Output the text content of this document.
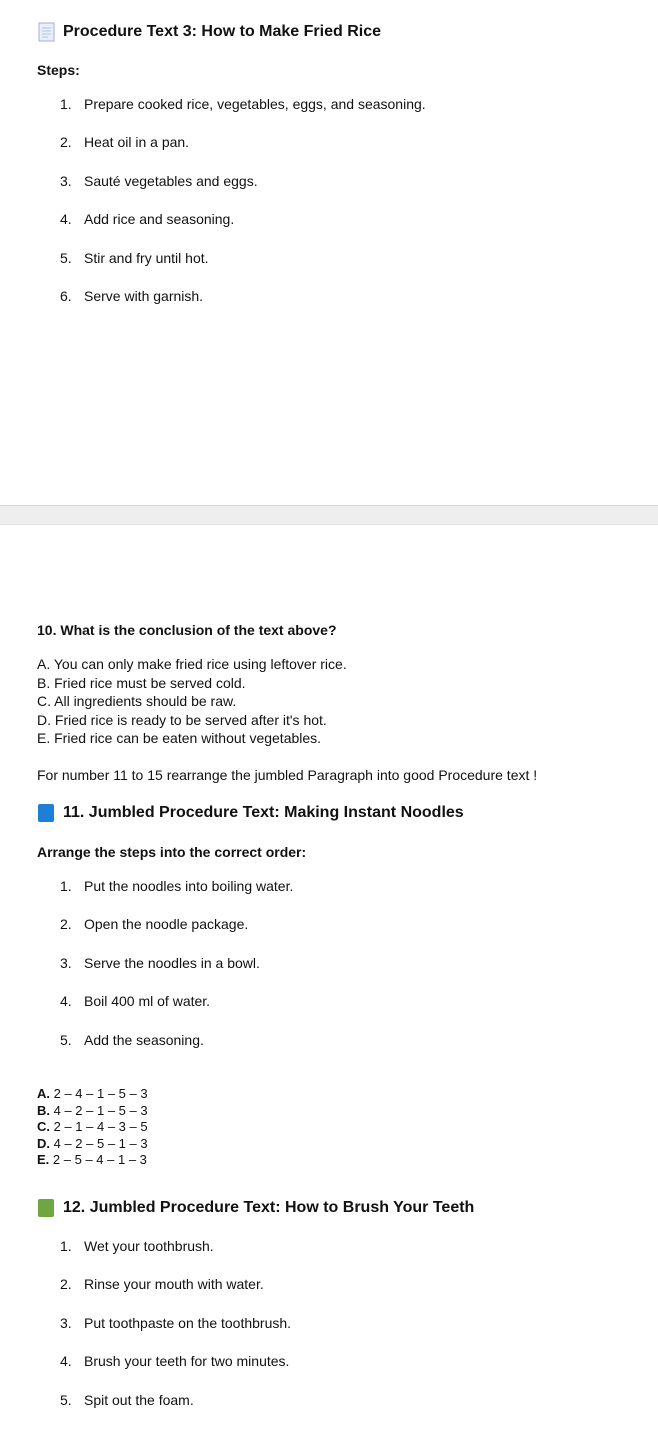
Procedure Text 3: How to Make Fried Rice
Steps:
1. Prepare cooked rice, vegetables, eggs, and seasoning.
2. Heat oil in a pan.
3. Sauté vegetables and eggs.
4. Add rice and seasoning.
5. Stir and fry until hot.
6. Serve with garnish.
10. What is the conclusion of the text above?
A. You can only make fried rice using leftover rice.
B. Fried rice must be served cold.
C. All ingredients should be raw.
D. Fried rice is ready to be served after it's hot.
E. Fried rice can be eaten without vegetables.
For number 11 to 15 rearrange the jumbled Paragraph into good Procedure text !
11. Jumbled Procedure Text: Making Instant Noodles
Arrange the steps into the correct order:
1. Put the noodles into boiling water.
2. Open the noodle package.
3. Serve the noodles in a bowl.
4. Boil 400 ml of water.
5. Add the seasoning.
A. 2 – 4 – 1 – 5 – 3
B. 4 – 2 – 1 – 5 – 3
C. 2 – 1 – 4 – 3 – 5
D. 4 – 2 – 5 – 1 – 3
E. 2 – 5 – 4 – 1 – 3
12. Jumbled Procedure Text: How to Brush Your Teeth
1. Wet your toothbrush.
2. Rinse your mouth with water.
3. Put toothpaste on the toothbrush.
4. Brush your teeth for two minutes.
5. Spit out the foam.
